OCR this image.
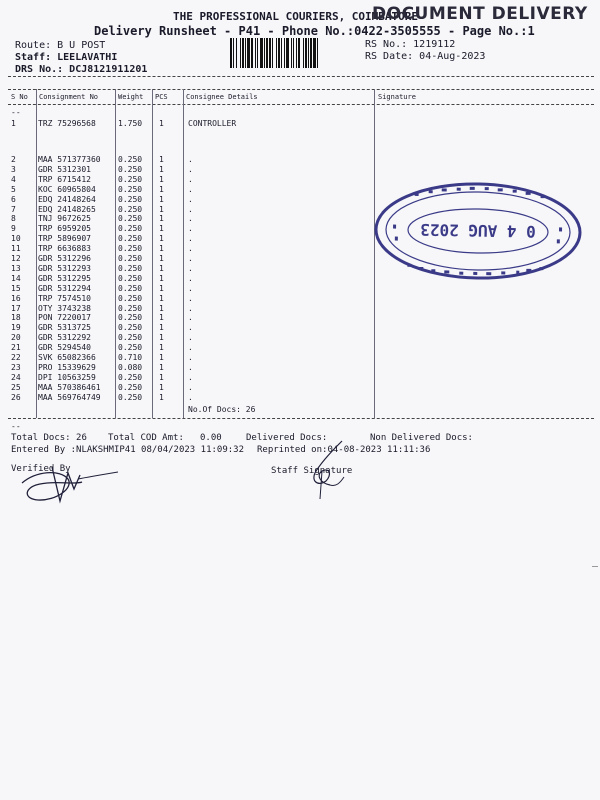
THE PROFESSIONAL COURIERS, COIMBATORE
DOCUMENT DELIVERY
Delivery Runsheet - P41 - Phone No.:0422-3505555 - Page No.:1
Route: B U POST
Staff: LEELAVATHI
DRS No.: DCJ8121911201
RS No.: 1219112
RS Date: 04-Aug-2023
S No Consignment No	Weight PCS	Consignee Details	Signature
--
1	TRZ 75296568	1.750 1	CONTROLLER
2	MAA 571377360 0.250 1	.
3	GDR 5312301	0.250 1	.
4	TRP 6715412	0.250 1	.
5	KOC 60965804	0.250 1	.
6	EDQ 24148264	0.250 1	.
7	EDQ 24148265	0.250 1	.
8	TNJ 9672625	0.250 1	.
9	TRP 6959205	0.250 1	.
10 TRP 5896907	0.250 1	.
11 TRP 6636883	0.250 1	.
12 GDR 5312296	0.250 1	.
13 GDR 5312293	0.250 1	.
14 GDR 5312295	0.250 1	.
15 GDR 5312294	0.250 1	.
16 TRP 7574510	0.250 1	.
17 OTY 3743238	0.250 1	.
18 PON 7220017	0.250 1	.
19 GDR 5313725	0.250 1	.
20 GDR 5312292	0.250 1	.
21 GDR 5294540	0.250 1	.
22 SVK 65082366	0.710 1	.
23 PRO 15339629	0.080 1	.
24 DPI 10563259	0.250 1	.
25 MAA 570386461 0.250 1	.
26 MAA 569764749 0.250 1	.
No.Of Docs: 26
--
Total Docs: 26 Total COD Amt: 0.00	Delivered Docs:	Non Delivered Docs:
Entered By :NLAKSHMIP41 08/04/2023 11:09:32 Reprinted on:04-08-2023 11:11:36
Verified By	Staff Signature
0 4 AUG 2023
